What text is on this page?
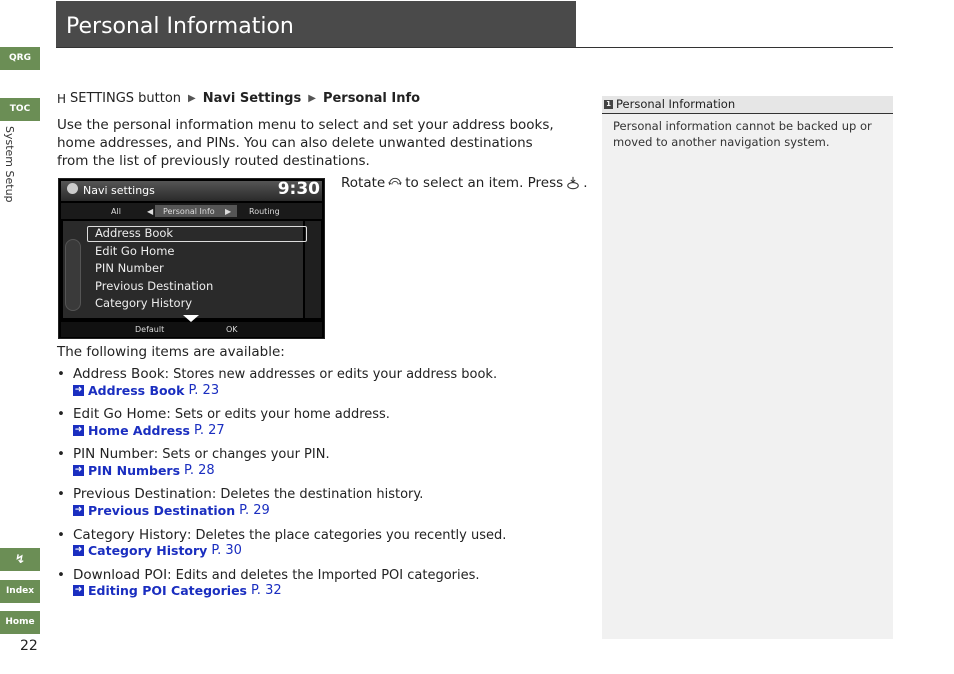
Personal Information
QRG
TOC
System Setup
↯
Index
Home
22
H SETTINGS button ▶ Navi Settings ▶ Personal Info
Use the personal information menu to select and set your address books, home addresses, and PINs. You can also delete unwanted destinations from the list of previously routed destinations.
Navi settings	9:30
All	◀ Personal Info ▶ Routing
Address Book
Edit Go Home
PIN Number
Previous Destination
Category History
Default	OK
Rotate to select an item. Press .
The following items are available:
• Address Book: Stores new addresses or edits your address book.
➜ Address Book P. 23
• Edit Go Home: Sets or edits your home address.
➜ Home Address P. 27
• PIN Number: Sets or changes your PIN.
➜ PIN Numbers P. 28
• Previous Destination: Deletes the destination history.
➜ Previous Destination P. 29
• Category History: Deletes the place categories you recently used.
➜ Category History P. 30
• Download POI: Edits and deletes the Imported POI categories.
➜ Editing POI Categories P. 32
1 Personal Information
Personal information cannot be backed up or moved to another navigation system.
